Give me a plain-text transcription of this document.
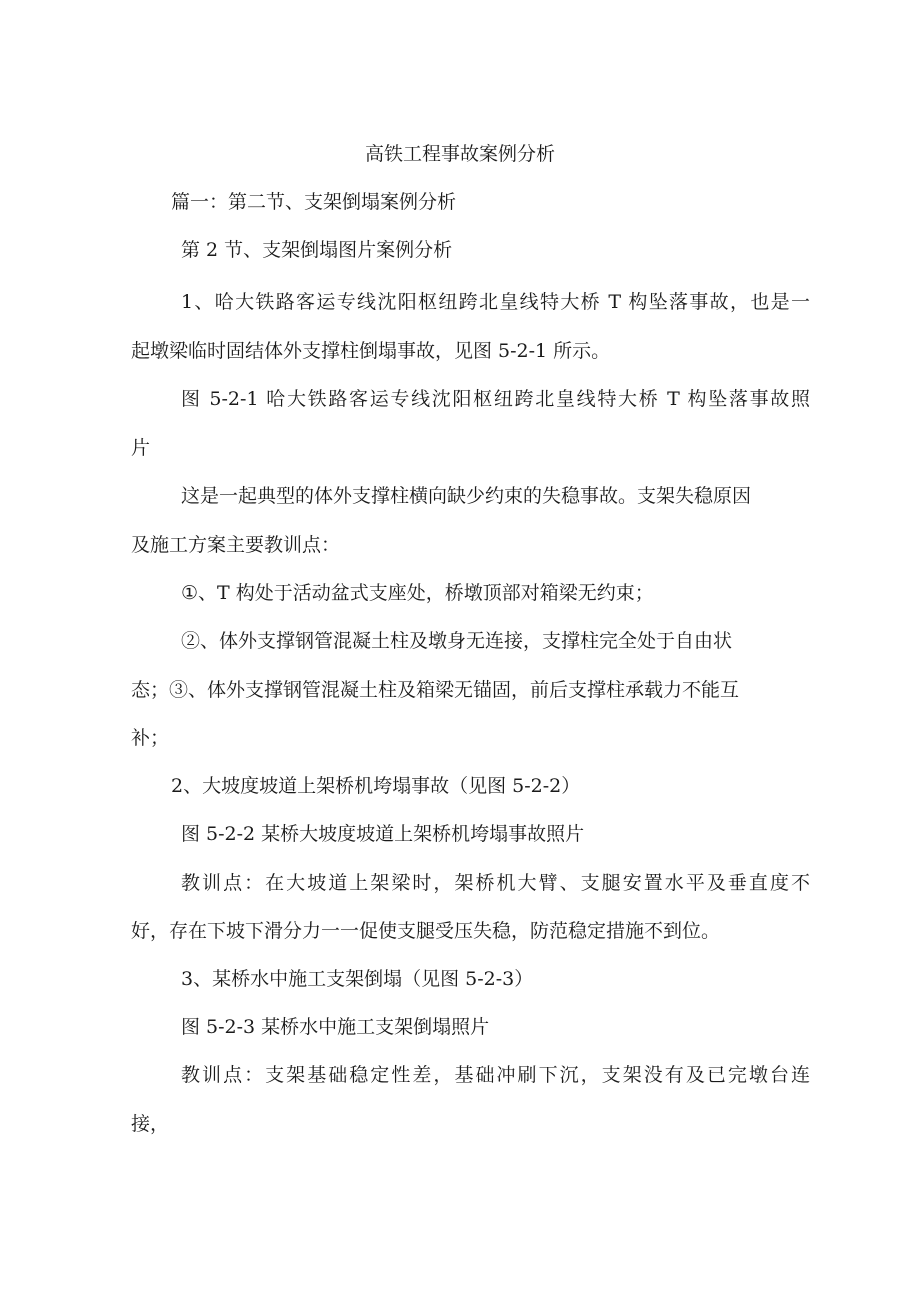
高铁工程事故案例分析
篇一：第二节、支架倒塌案例分析
第 2 节、支架倒塌图片案例分析
1、哈大铁路客运专线沈阳枢纽跨北皇线特大桥 T 构坠落事故，也是一
起墩梁临时固结体外支撑柱倒塌事故，见图 5-2-1 所示。
图 5-2-1 哈大铁路客运专线沈阳枢纽跨北皇线特大桥 T 构坠落事故照
片
这是一起典型的体外支撑柱横向缺少约束的失稳事故。支架失稳原因
及施工方案主要教训点：
①、T 构处于活动盆式支座处，桥墩顶部对箱梁无约束；
②、体外支撑钢管混凝土柱及墩身无连接，支撑柱完全处于自由状
态；③、体外支撑钢管混凝土柱及箱梁无锚固，前后支撑柱承载力不能互
补；
2、大坡度坡道上架桥机垮塌事故（见图 5-2-2）
图 5-2-2 某桥大坡度坡道上架桥机垮塌事故照片
教训点：在大坡道上架梁时，架桥机大臂、支腿安置水平及垂直度不
好，存在下坡下滑分力一一促使支腿受压失稳，防范稳定措施不到位。
3、某桥水中施工支架倒塌（见图 5-2-3）
图 5-2-3 某桥水中施工支架倒塌照片
教训点：支架基础稳定性差，基础冲刷下沉，支架没有及已完墩台连
接，
